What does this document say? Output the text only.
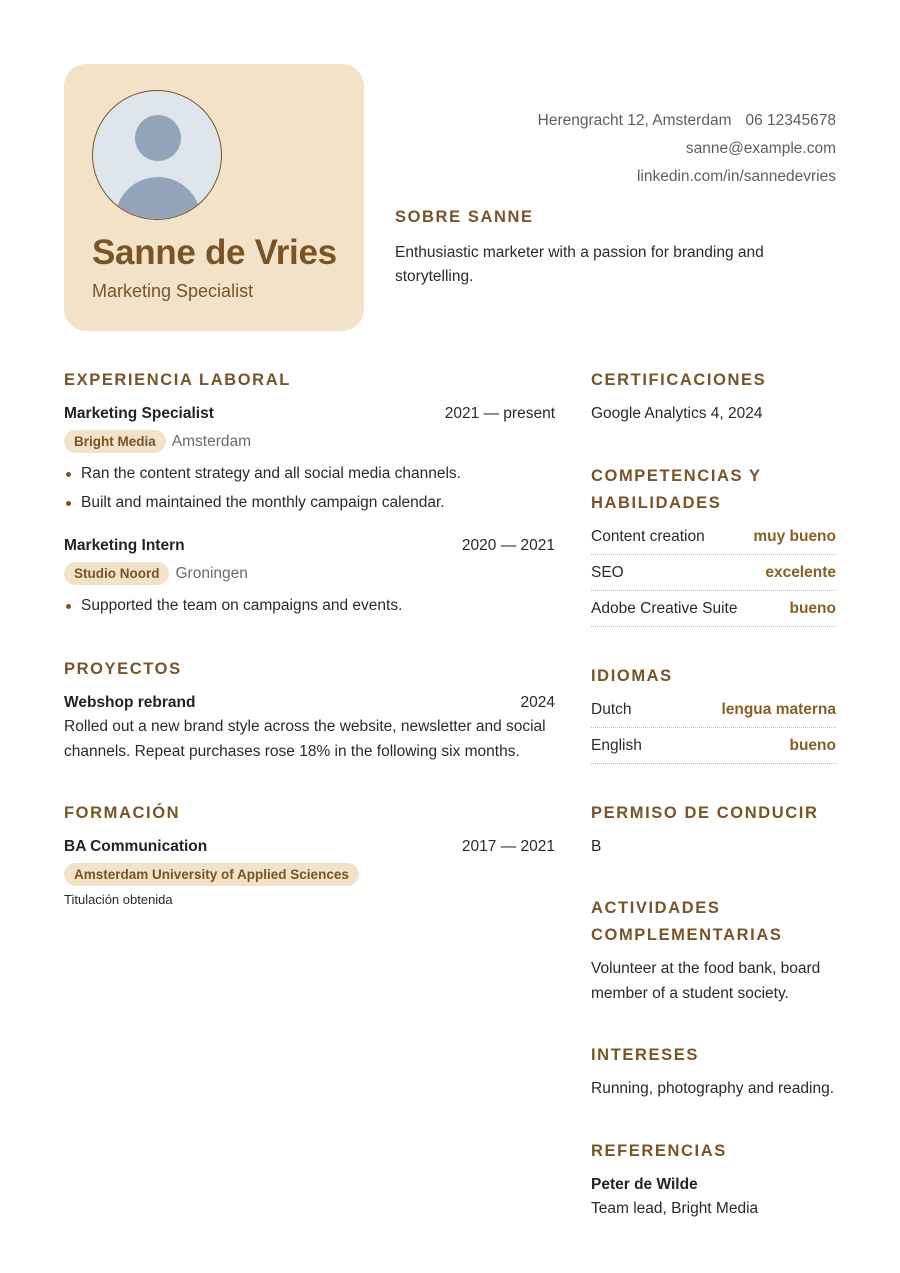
Sanne de Vries
Marketing Specialist
Herengracht 12, Amsterdam 06 12345678
sanne@example.com
linkedin.com/in/sannedevries
SOBRE SANNE

Enthusiastic marketer with a passion for branding and storytelling.

EXPERIENCIA LABORAL
Marketing Specialist	2021 — present
Bright Media	Amsterdam
Ran the content strategy and all social media channels.
Built and maintained the monthly campaign calendar.
Marketing Intern	2020 — 2021
Studio Noord	Groningen
Supported the team on campaigns and events.
PROYECTOS
Webshop rebrand	2024
Rolled out a new brand style across the website, newsletter and social channels. Repeat purchases rose 18% in the following six months.
FORMACIÓN
BA Communication	2017 — 2021
Amsterdam University of Applied Sciences
Titulación obtenida
CERTIFICACIONES
Google Analytics 4, 2024
COMPETENCIAS Y HABILIDADES
Content creation	muy bueno
SEO	excelente
Adobe Creative Suite	bueno
IDIOMAS
Dutch	lengua materna
English	bueno
PERMISO DE CONDUCIR
B
ACTIVIDADES COMPLEMENTARIAS
Volunteer at the food bank, board member of a student society.
INTERESES
Running, photography and reading.
REFERENCIAS
Peter de Wilde
Team lead, Bright Media
